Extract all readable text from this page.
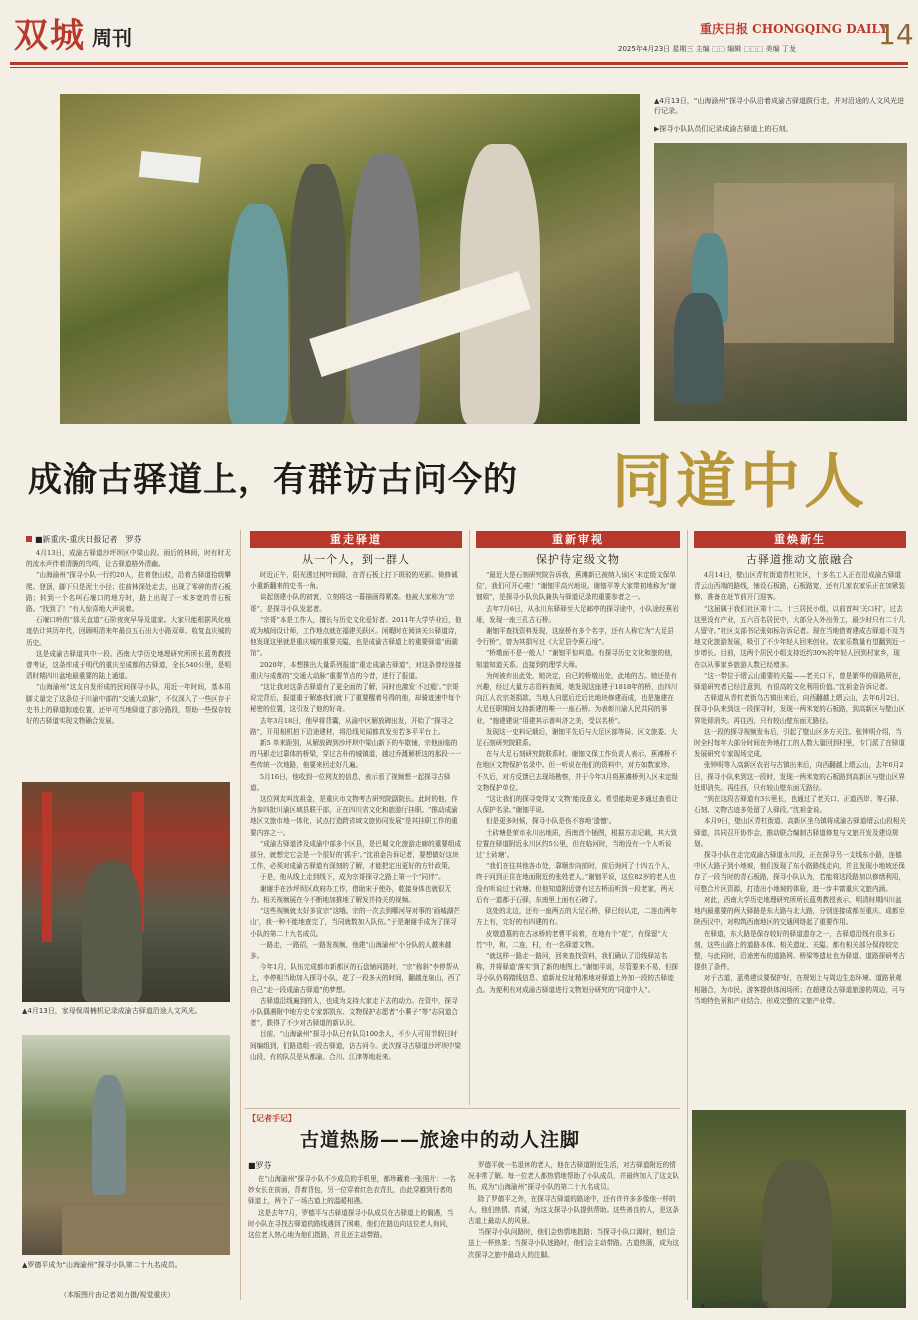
双城 周刊	重庆日报 CHONGQING DAILY
14
2025年4月23日 星期三 主编 ⬚⬚ 编辑 ⬚⬚⬚ 美编 丁龙
▲4月13日，“山海渝州”探寻小队沿着成渝古驿道跋行走，并对沿途的人文风光进行记录。
▶探寻小队队员们记录成渝古驿道上的石刻。
成渝古驿道上，有群访古问今的 同道中人
■新重庆-重庆日报记者　罗芬

4月13日，成渝古驿道沙坪坝区中梁山段。雨后的林间，时有时无的流水声伴着清脆的鸟鸣，让古驿道格外清幽。

“山海渝州”探寻小队一行约20人，拄着登山杖，沿着古驿道拾级攀爬。登顶，脚下只是泥土小径；往前林深处走去，出现了零碎的青石板路；转到一个名叫石堰口的地方时，路上出现了一米多宽的青石板路。“找到了！”有人惊喜地大声说着。

石堰口岭的“那关直道”石阶夜夜早导及道家。大家只能根据风化痕迹估计其历年代，回顾明清来年最良五石出大小路双章、收复直庆城的历史。

这是成渝古驿道其中一段。西南大学历史地理研究所所长蓝勇教授曾考证，这条库成于明代的重庆至成都的古驿道，全长540公里，是明清时期四川盆地最重要的陆上通道。

“山海渝州”这支自发形成的民间探寻小队，用近一年时间，基本用脚丈量完了这条位于川渝中部的“交通大动脉”，不仅深入了一些区存于史书上的驿道踪迹位置，还甲可当地驿道了部分路段，帮助一些保存较好的古驿道实现文物确合发展。

▲4月13日，家母保周楠机记录成渝古驿道沿途人文风光。
▲罗德平成为“山海渝州”探寻小队第二十九名成员。
重走驿道
从一个人，到一群人

时近正午，阳光透过树叶间隙，在青石板上打下斑驳的光影。倚修诚小重新翻来的史书一角。

谈起创建小队的初衷，立刻将这一幕描画得紧凑。他被大家称为“宗哥”，是探寻小队发起者。

“宗哥”本是工作人，擅长与历史文化爱好者。2011年大学毕业后，他成为城间设计师，工作地点就在福建关跃区。闲暇时在阅读关公驿道诗，他发现这里就是重庆城的重要关隘，也是成渝古驿道上的重要驿道“雨湖馆”。

2020年，本想推出大量系列报道“重走成渝古驿道”，对这条曾经连接重庆与成都的“交通大动脉”重要节点的今昔，进行了报道。

“这让我对这条古驿道有了更全面的了解，同时也激发‘不过瘾’。”宗哥说完背后，报道重于解惑我们就下了重要醒着号得的他，却骑迹速中每个秘密的位置，这引发了他的好奇。

去年3月18日，他早将背囊，从渝中区解放碑出发，开始了“探寻之路”，开用相机拍下沿途建材，将沿线见闻都真发至若多平平台上。

新5 单来距别，从解放碑到沙坪坝中梁山新下的车歇铺，宗他面临的的马影走过靠体的桥梁，穿过古朴的城镇道，越过乔溉解析这的那段一一些传统一次地路，他要来回走好几遍。

5月16日，他收到一位网友的信息，表示看了视频想一起探寻古驿道。

这位网友叫沈祖金，是重庆市文物考古研究院副院长。此时的他，作为参四批川渝区域县联干部，正在四川省文化和旅游厅挂职。“推动成渝地区文旅市地一体化，试点打造跨省域文旅协同发展”是其挂职工作的重要内容之一。

“成渝古驿道涉及成渝中部多个区县，是巴蜀文化旅游走廊的重要组成部分，就想完它会是一个很好的‘抓手’。”沈祖金告诉记者，要想做好这块工作，必须对成渝古驿道有深刻的了解，才能把定出更好的方针政策。

于是，他从线上走到线下，成为宗哥探寻之路上第一个“同伴”。

谢谢手在沙坪坝区政府办工作，借助宋于使办，乾接身体也就很无力。相关视频展在今不断地加推地了解发并持关的视频。

“这些视频就太好多宣宗”这哦。宗的一次去到哪河导对事的‘画城湖芒山’，我一种不能地查完了，当同就数加入队伍。”于是谢谢手成为了探寻小队的第二十九名成员。

一路走，一路招，一路发视频，他建“山海渝州”小分队的人越来越多。

今年1月，队伍完成都市新都区的石盘铺问路时，“宗”称斜”李停帮从上，李停相当助加入探寻小队，花了一段多天的时间，翻越龙泉山，西了自己“走一段成渝古驿道”的梦想。

古驿道沿线遍到的人，也成为支持大家走下去的动力。在资中，探寻小队偶遇附中地方史专家郭凯东、文物保护志愿者“小薯子”等“志同道合者”，跌得了不少对古驿道的新认识。

目前，“山海渝州”探寻小队已有队员100余人，不少人可用节假日时间编组到，们路造组一段古驿道，访古问今。此次探寻古驿道沙坪坝中梁山段，有的队员是从都渝、合川、江津等地赶来。

重新审视
保护待定级文物

“最近大是石刻研究院告诉我，蕉滩新已被纳入该区‘未定级文保单位’，我们可开心啦！”谢钿平高兴地说。谢钿平等大家带初地称为“谢钿姐”，是探寻小队负队兼执与驿道记录的重要参者之一。

去年7月6日，从永川东驿驿至大足邮亭的探寻途中，小队途经蕉岩垭，发现一座三孔古石桥。

谢钿平查找资料发现，这座桥有多个名字，还有人称它为“大足县令行桥”，曾为其捐写过《大足县令蕉石垭”。

“桥墩面不是一般人！”谢钿平惊叫道。有探寻历史文化和旅的他，知道知道关系。直接到的理学大师。

为何被弃出此处，她决定，自已的桥墩出处，此地的古。她还是有兴趣，经过大量方志资料查阅，她发现这座建于1818年的桥，由四川向江人衣宗尧捐款。当地人自愿后迁后比地块修建而成，也是施建在大足任职期间支持新建的唯一一座石桥。为表彰川渝人民共同的事业，“施建建说”用建其示普叫济之美，受以名桥”。

发现这一史料记载后，谢钿平先后与大足区部等局、区文旅委、大足石刻研究院联系。

在与大足石刻研究院联系时，谢钿文保工作负责人表示，蕉滩桥不在地区文物保护名录中。但一听说在他们的资料中，对方如数家珍、不久后，对方反馈已去现场勘察，并于今年3月将蕉滩桥列入区未定级文物保护单位。

“这让我们的探寻变得又‘文物’能没意义。希望能助更多通过查看让人保护名录。”谢钿平说。

但是更多时候，探寻小队是伤不容地‘遗憾’。

土砖塘是荣市永川出地质，西南首个插图，根据方志记载，其大致位置在驿道附近永川区约5公里，但在临河时，当地没有一个人听说过‘土砖塘’。

“我们在往其他各市处，靠顺步向前时，前后询问了十四五个人，终于问到正住在地面附近的张姓老人。”谢钿平说，这位82岁的老人也没有听说过土砖塘。但他知道附近曾有过古桥而听到一段老家，两天后有一道都于石驿，东南里上面有石碑了。

这处的北边，还有一座两五的大足石桥，驿已经认定，二连由两年方上有，完好的有四建的有。

皮墩遗墓的在古冰桥的老曹平说着，在地有个“花”，有保留“大竹”中，和，二连，村，有一名驿道文物。

“就这样一路走一路问，回来查找资料，我们确认了沿线驿站名称，并将驿道‘落实’到了新的地图上。”谢钿平说，尽管要来不易，但探寻小队仍将踏线信息、道新址位址精准地对驿道上外加一段的古驿迹点。为便利有对成渝古驿道进行文物划分研究的“同道中人”。

重焕新生
古驿道推动文旅融合

4月14日，壁山区青杠街道青杠社区，十多名工人正在沿成渝古驿道青云山西端的路线，铺设石板路，石板路宽，还有几家农家乐正在加紧装修，准备在赶节前开门迎客。

“这届属于我们社区第十二、十三居民小组，以前首叫‘关口村’，过去这里没有产业，五六百名居民中，大部分人外出务工，最少时只有二十几人留守。”社区支部书记张如标告诉记者。现在当地借着建成古驿道不及当地文化旅游发展，吸引了不少年轻人回来创业。农家乐数量有望翻到近一步增长。目前，这两个居民小组支持近约30%的年轻人回到村家乡，现在以从事家乡旅游人数已经增多。

“这一带位于缙云山重要的关隘——老关口下，曾是繁华的驿路所在，驿道研究者已经注意到，有很高的文化利用价值。”沈祖金告诉记者。

古驿道从青杠老街乌古镇出来后，向西翻越上缙云山，去年6月2日，探寻小队来到这一段探寻时，发现一两米宽的石板路，到高新区与壁山区界处即消失。再往西，只有较山壁东面无路径。

这一段的探寻视频发布后，引起了壁山区多方关注。张钟明介绍，当时全村每年大部分时间在外地打工的人数大量回到村里，专门派了在驿道发展研究专家现场完成。

张钟明等入高新区农岩与古镇出来后，向西翻越上缙云山，去年6月2日，探寻小队来到这一段时，发现一两米宽的石板路到高新区与壁山区界处即消失。再往西，只有较山壁东面无路径。

“到在这段古驿道有3公里长，也通过了老关口、正道西岸、等石驿、石刻、文物古迹多处留了人驿段。”沈祖金说。

本月9日，壁山区青杠街道、高新区坐乌镇将成渝古驿道缙云山段相关驿道，共同召开协作会，推动联合编制古驿道修复与文旅开发及建设规划。

探寻小队在走完成渝古驿道永川段，正在探寻另一支线东小路，连德中区大路子到小地坡，他们发现了东小路路线走向，并且发现小地坡还保存了一段当时的青石板路，探寻小队认为，若能将这段路加以修缮利用，可整合片区资源，打造出小地坡的体验，进一步丰富重庆文旅内涵。

对此，西南大学历史地理研究所所长蓝勇教授表示，明清时期四川盆地内最重要的两大驿路是东大路与北大路，分别连接成都至重庆、成都至陕西汉中，对构筑西南地区的交通网络起了重要作用。

在驿道，东大路是保存较好的驿道遗存之一，古驿道沿线有很多石刻，这些山路上的道路本体、相关遗址、关隘、都有相关部分保持较完整，与此同时，沿途密布的道路网、桥梁等遗址也为驿道、道路探研考古提供了条件。

对于古道，蓝勇建议要保护好，在规划上与周边生态环境、道路景观相融合，为市民、游客提供体闲场所；在超建设古驿道旅游的周边，可与当地特色景和产业结合，形成完整的文旅产业带。

【记者手记】
古道热肠——旅途中的动人注脚
■罗芬

在“山海渝州”探寻小队不少成员的手机里，都珍藏着一张照片：一名妙女长在前面，背着背包，另一位穿着红色衣背扎，由此穿越到行者的驿道上，两个了一场古道上的温暖相遇。

这是去年7月，罗德平与古驿道探寻小队成员在古驿道上的偶遇，当时小队在寻找古驿道的路线遇到了困难，他们在路边向这位老人询问，这位老人热心地为他们指路，并且还主动带路。

罗德平就一名退休的老人，他在古驿道附近生活，对古驿道附近的情况非常了解。每一位老人都热情地帮助了小队成员，并最终加入了这支队伍，成为“山海渝州”探寻小队的第二十九名成员。

除了罗德平之外，在探寻古驿道的路途中，还有许许多多像他一样的人，他们热情、真诚，为这支探寻小队提供帮助。这些善良的人，是这条古道上最动人的风景。

当探寻小队问路时，他们会热情地指路；当探寻小队口渴时，他们会送上一杯热茶；当探寻小队迷路时，他们会主动带路。古道热肠，成为这次探寻之旅中最动人的注脚。

▲沈祖金在探访古驿道。
（本版图片由记者刘力摄/视觉重庆）
